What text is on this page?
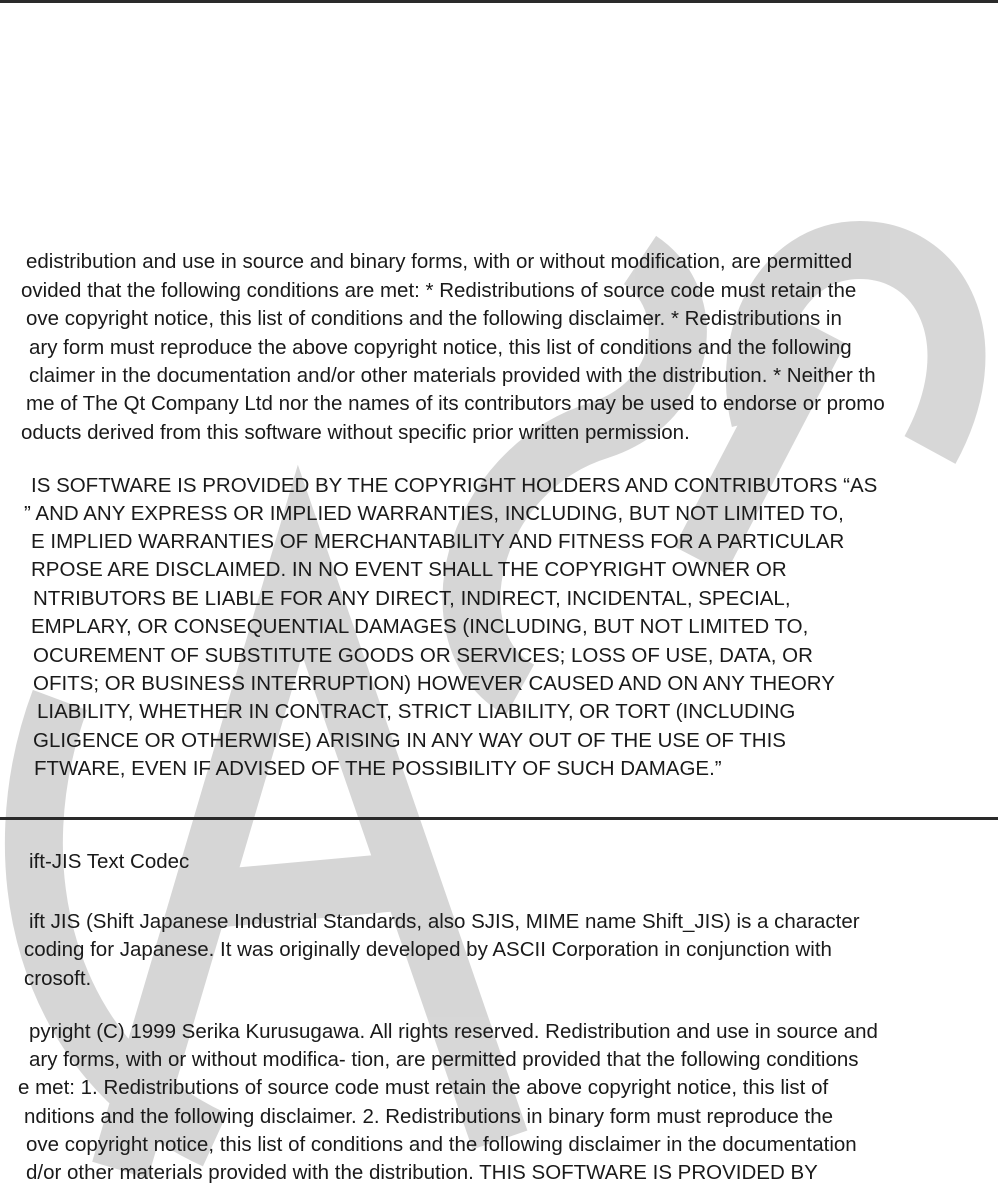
edistribution and use in source and binary forms, with or without modification, are permitted
ovided that the following conditions are met: * Redistributions of source code must retain the
ove copyright notice, this list of conditions and the following disclaimer. * Redistributions in
ary form must reproduce the above copyright notice, this list of conditions and the following
claimer in the documentation and/or other materials provided with the distribution. * Neither th
me of The Qt Company Ltd nor the names of its contributors may be used to endorse or promo
oducts derived from this software without specific prior written permission.
IS SOFTWARE IS PROVIDED BY THE COPYRIGHT HOLDERS AND CONTRIBUTORS “AS
” AND ANY EXPRESS OR IMPLIED WARRANTIES, INCLUDING, BUT NOT LIMITED TO,
E IMPLIED WARRANTIES OF MERCHANTABILITY AND FITNESS FOR A PARTICULAR
RPOSE ARE DISCLAIMED. IN NO EVENT SHALL THE COPYRIGHT OWNER OR
NTRIBUTORS BE LIABLE FOR ANY DIRECT, INDIRECT, INCIDENTAL, SPECIAL,
EMPLARY, OR CONSEQUENTIAL DAMAGES (INCLUDING, BUT NOT LIMITED TO,
OCUREMENT OF SUBSTITUTE GOODS OR SERVICES; LOSS OF USE, DATA, OR
OFITS; OR BUSINESS INTERRUPTION) HOWEVER CAUSED AND ON ANY THEORY
LIABILITY, WHETHER IN CONTRACT, STRICT LIABILITY, OR TORT (INCLUDING
GLIGENCE OR OTHERWISE) ARISING IN ANY WAY OUT OF THE USE OF THIS
FTWARE, EVEN IF ADVISED OF THE POSSIBILITY OF SUCH DAMAGE.”
ift-JIS Text Codec
ift JIS (Shift Japanese Industrial Standards, also SJIS, MIME name Shift_JIS) is a character
coding for Japanese. It was originally developed by ASCII Corporation in conjunction with
crosoft.
pyright (C) 1999 Serika Kurusugawa. All rights reserved. Redistribution and use in source and
ary forms, with or without modifica- tion, are permitted provided that the following conditions
e met: 1. Redistributions of source code must retain the above copyright notice, this list of
nditions and the following disclaimer. 2. Redistributions in binary form must reproduce the
ove copyright notice, this list of conditions and the following disclaimer in the documentation
d/or other materials provided with the distribution. THIS SOFTWARE IS PROVIDED BY
